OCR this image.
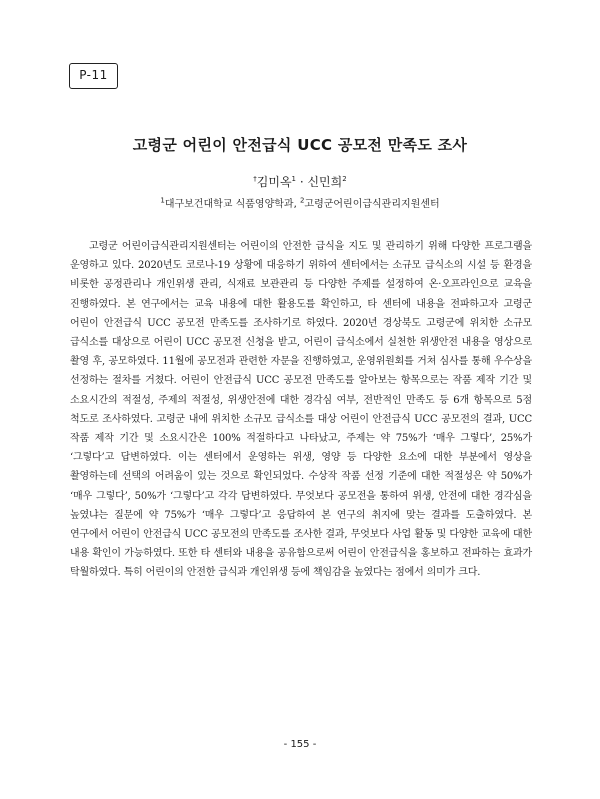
P-11
고령군 어린이 안전급식 UCC 공모전 만족도 조사
†김미옥$^1$ · 신민희$^2$
$^1$대구보건대학교 식품영양학과, $^2$고령군어린이급식관리지원센터

고령군 어린이급식관리지원센터는 어린이의 안전한 급식을 지도 및 관리하기 위해 다양한 프로그램을 운영하고 있다. 2020년도 코로나-19 상황에 대응하기 위하여 센터에서는 소규모 급식소의 시설 등 환경을 비롯한 공정관리나 개인위생 관리, 식재료 보관관리 등 다양한 주제를 설정하여 온·오프라인으로 교육을 진행하였다. 본 연구에서는 교육 내용에 대한 활용도를 확인하고, 타 센터에 내용을 전파하고자 고령군 어린이 안전급식 UCC 공모전 만족도를 조사하기로 하였다. 2020년 경상북도 고령군에 위치한 소규모 급식소를 대상으로 어린이 UCC 공모전 신청을 받고, 어린이 급식소에서 실천한 위생안전 내용을 영상으로 촬영 후, 공모하였다. 11월에 공모전과 관련한 자문을 진행하였고, 운영위원회를 거쳐 심사를 통해 우수상을 선정하는 절차를 거쳤다. 어린이 안전급식 UCC 공모전 만족도를 알아보는 항목으로는 작품 제작 기간 및 소요시간의 적절성, 주제의 적절성, 위생안전에 대한 경각심 여부, 전반적인 만족도 등 6개 항목으로 5점 척도로 조사하였다. 고령군 내에 위치한 소규모 급식소를 대상 어린이 안전급식 UCC 공모전의 결과, UCC 작품 제작 기간 및 소요시간은 100% 적절하다고 나타났고, 주제는 약 75%가 ‘매우 그렇다’, 25%가 ‘그렇다’고 답변하였다. 이는 센터에서 운영하는 위생, 영양 등 다양한 요소에 대한 부분에서 영상을 촬영하는데 선택의 어려움이 있는 것으로 확인되었다. 수상작 작품 선정 기준에 대한 적절성은 약 50%가 ‘매우 그렇다’, 50%가 ‘그렇다’고 각각 답변하였다. 무엇보다 공모전을 통하여 위생, 안전에 대한 경각심을 높였냐는 질문에 약 75%가 ‘매우 그렇다’고 응답하여 본 연구의 취지에 맞는 결과를 도출하였다. 본 연구에서 어린이 안전급식 UCC 공모전의 만족도를 조사한 결과, 무엇보다 사업 활동 및 다양한 교육에 대한 내용 확인이 가능하였다. 또한 타 센터와 내용을 공유함으로써 어린이 안전급식을 홍보하고 전파하는 효과가 탁월하였다. 특히 어린이의 안전한 급식과 개인위생 등에 책임감을 높였다는 점에서 의미가 크다.

- 155 -
